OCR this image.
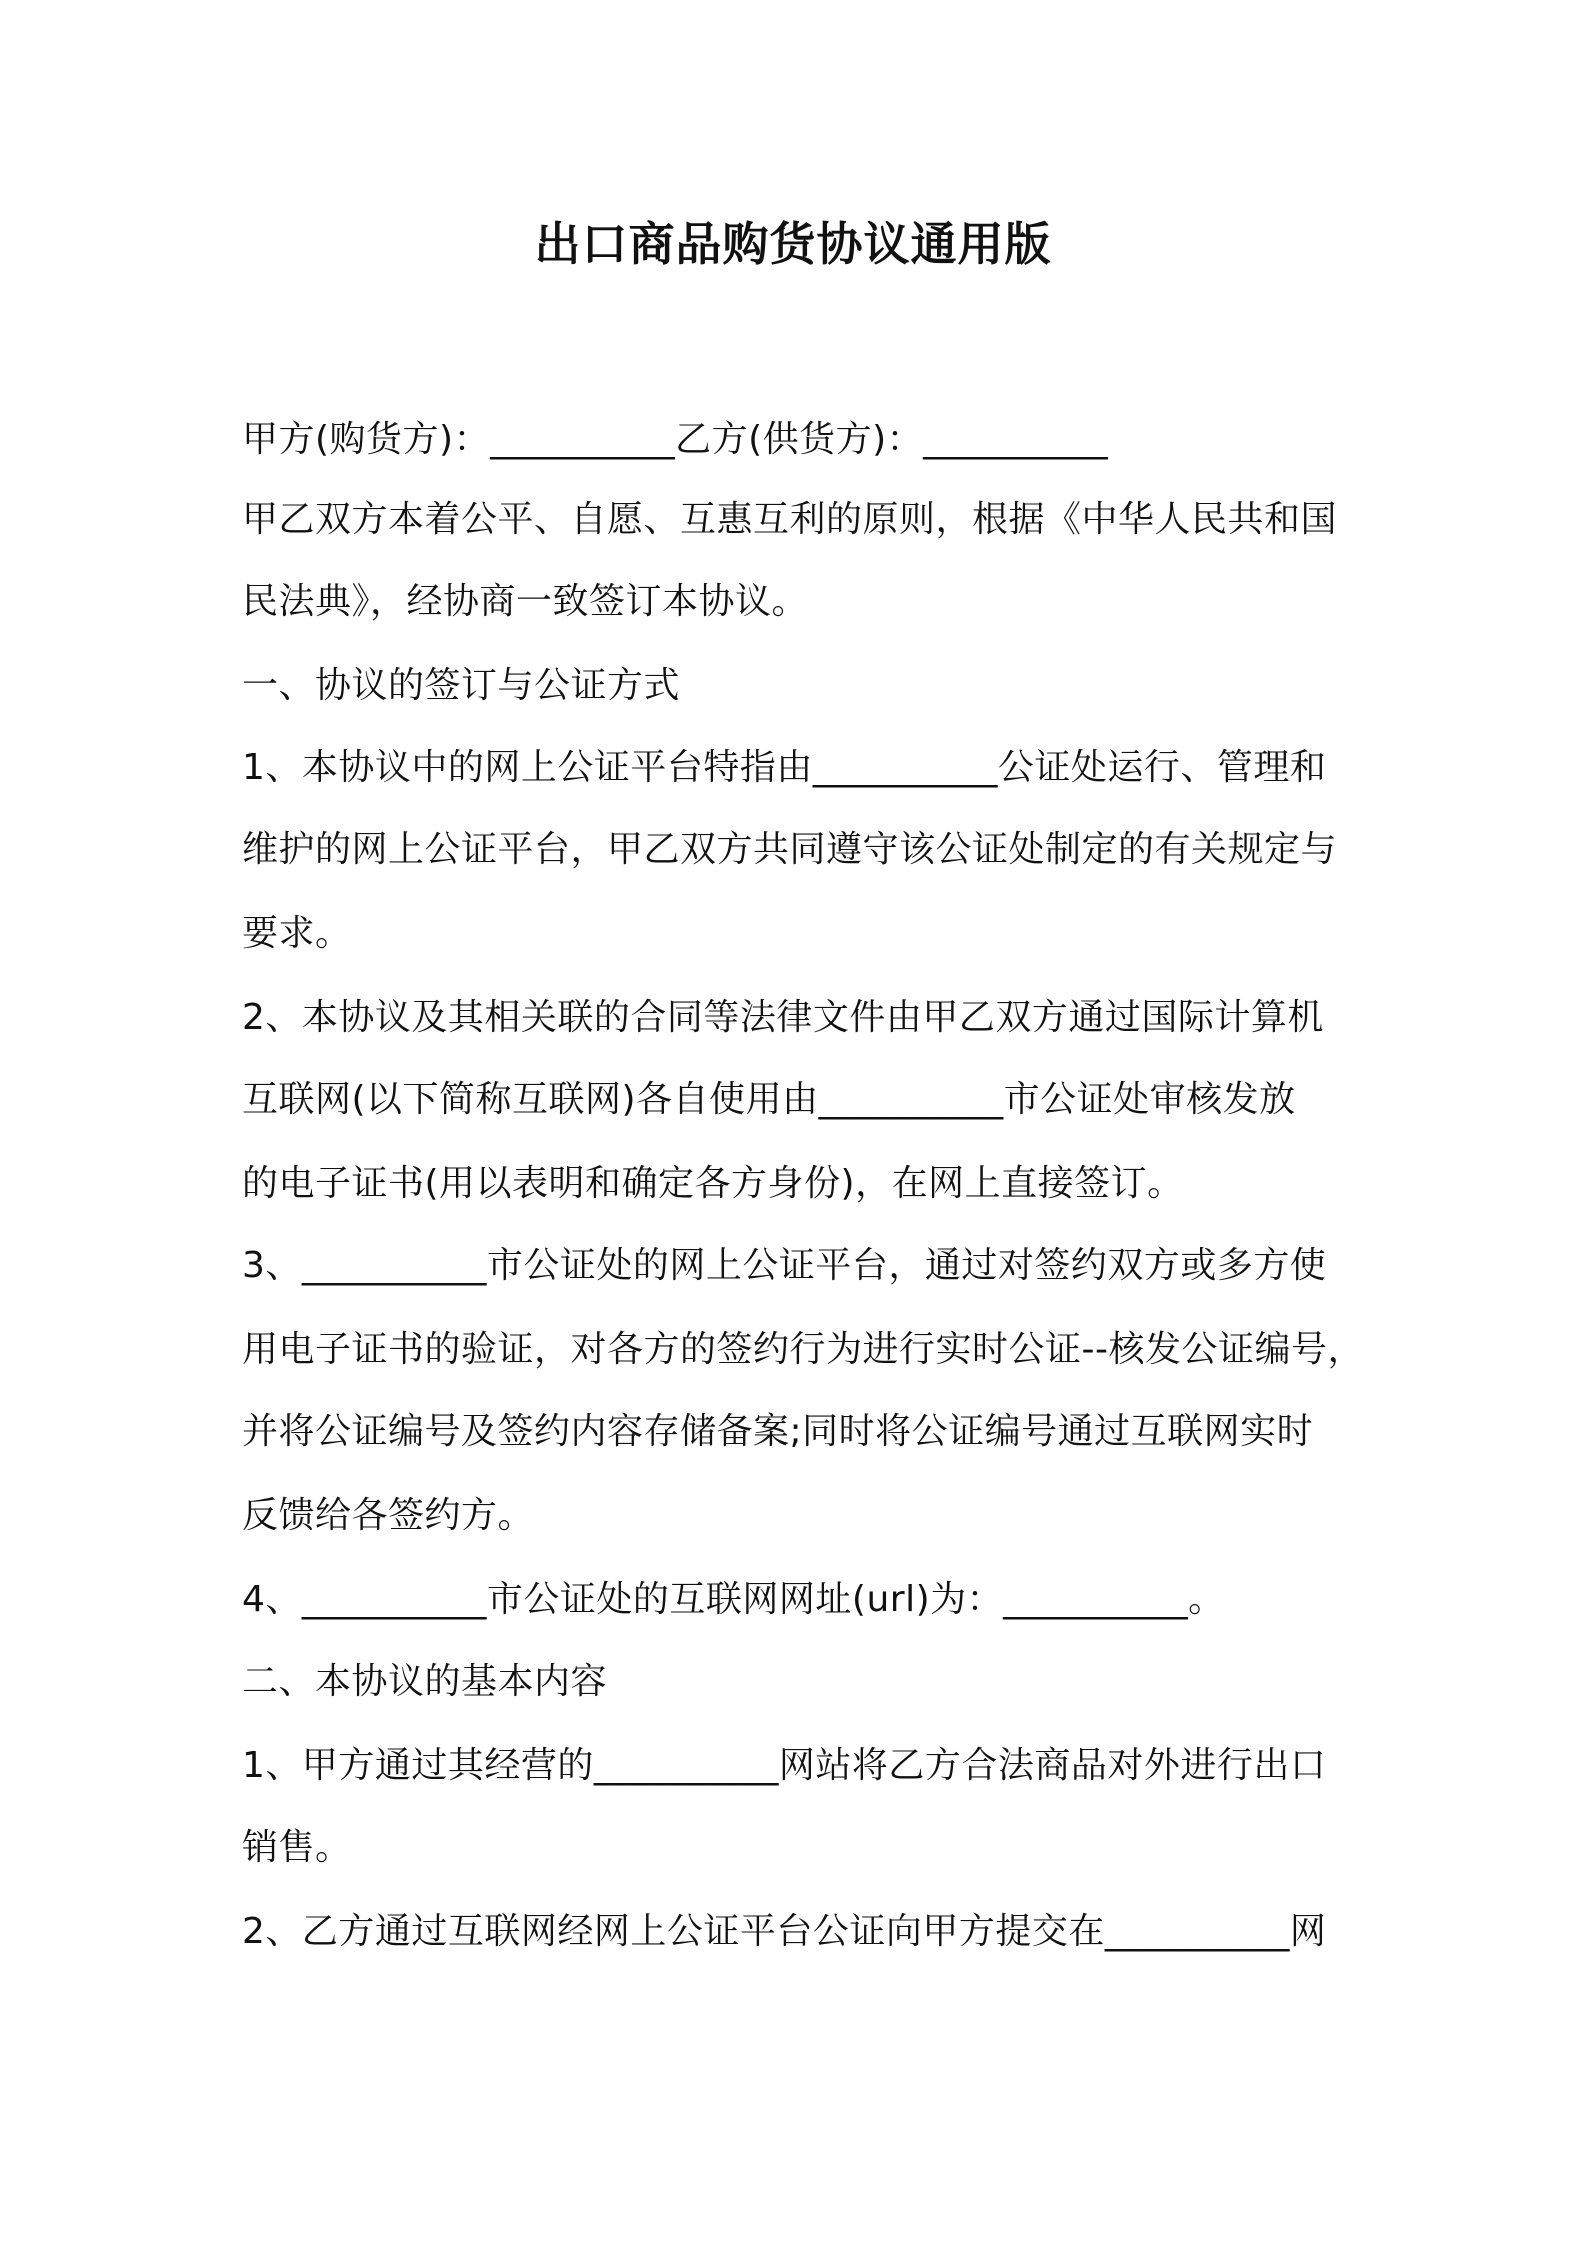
出口商品购货协议通用版
甲方(购货方)：__________乙方(供货方)：__________
甲乙双方本着公平、自愿、互惠互利的原则，根据《中华人民共和国
民法典》，经协商一致签订本协议。
一、协议的签订与公证方式
1、本协议中的网上公证平台特指由__________公证处运行、管理和
维护的网上公证平台，甲乙双方共同遵守该公证处制定的有关规定与
要求。
2、本协议及其相关联的合同等法律文件由甲乙双方通过国际计算机
互联网(以下简称互联网)各自使用由__________市公证处审核发放
的电子证书(用以表明和确定各方身份)，在网上直接签订。
3、__________市公证处的网上公证平台，通过对签约双方或多方使
用电子证书的验证，对各方的签约行为进行实时公证--核发公证编号，
并将公证编号及签约内容存储备案;同时将公证编号通过互联网实时
反馈给各签约方。
4、__________市公证处的互联网网址(url)为：__________。
二、本协议的基本内容
1、甲方通过其经营的__________网站将乙方合法商品对外进行出口
销售。
2、乙方通过互联网经网上公证平台公证向甲方提交在__________网
